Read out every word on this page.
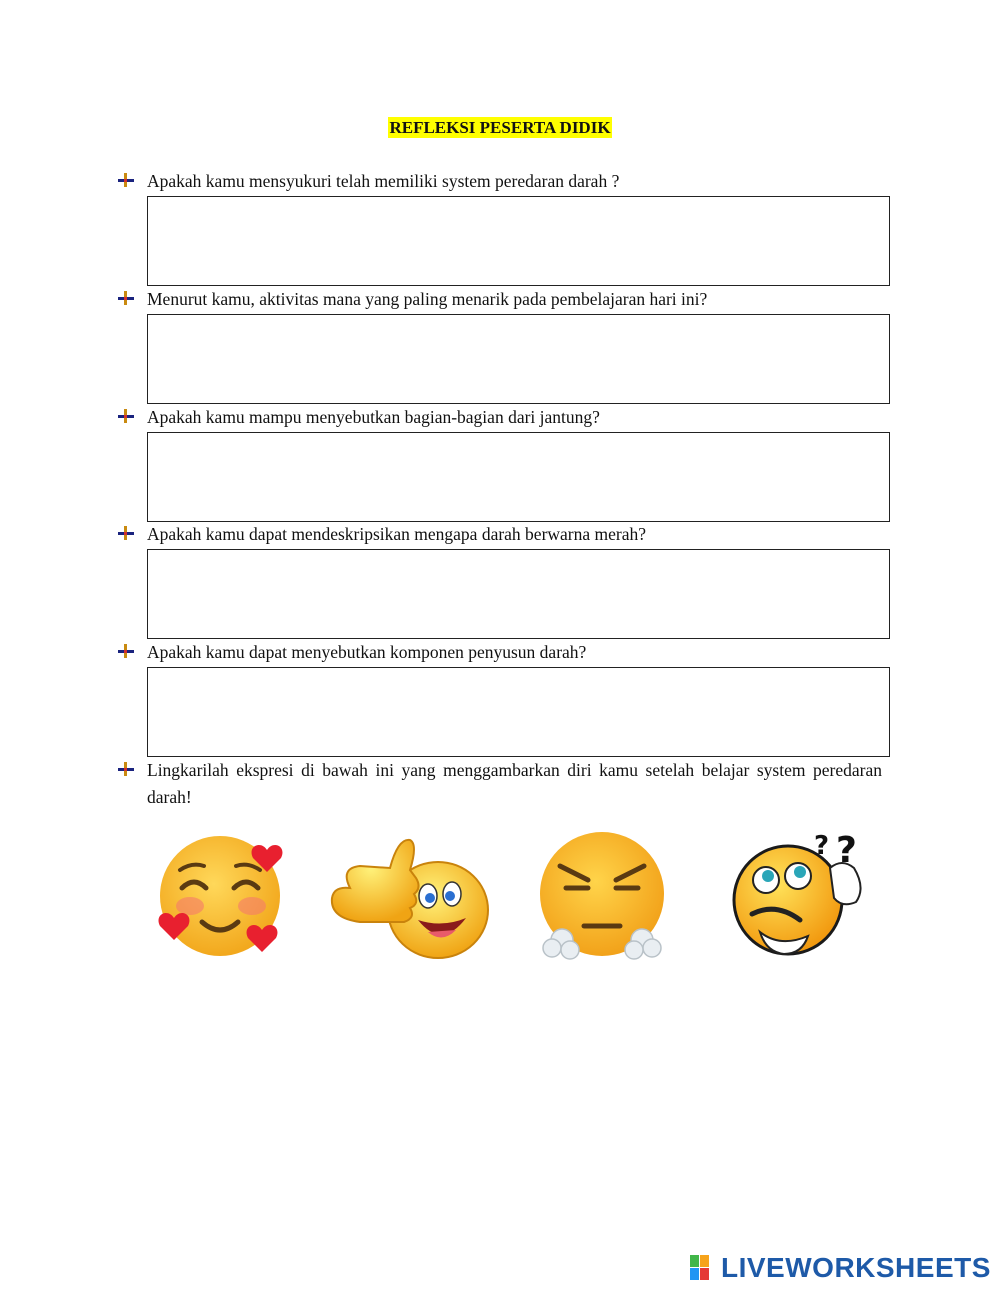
REFLEKSI PESERTA DIDIK
Apakah kamu mensyukuri telah memiliki system peredaran darah ?
Menurut kamu, aktivitas mana yang paling menarik pada pembelajaran hari ini?
Apakah kamu mampu menyebutkan bagian-bagian dari jantung?
Apakah kamu dapat mendeskripsikan mengapa darah berwarna merah?
Apakah kamu dapat menyebutkan komponen penyusun darah?
Lingkarilah ekspresi di bawah ini yang menggambarkan diri kamu setelah belajar system peredaran darah!
? ?
LIVEWORKSHEETS
